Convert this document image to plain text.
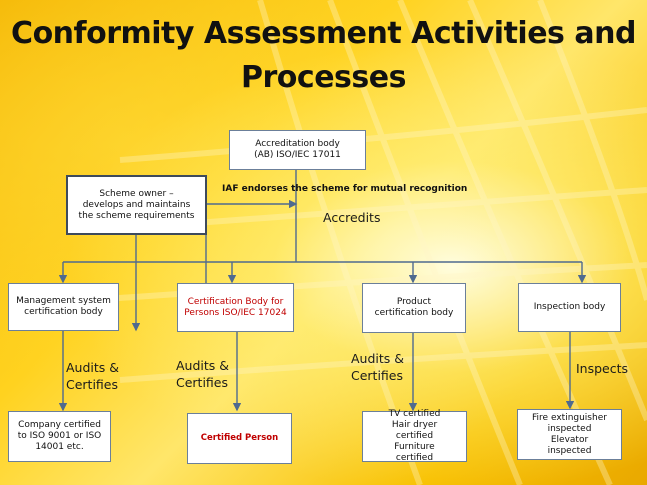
Conformity Assessment Activities and Processes
Accreditation body (AB) ISO/IEC 17011
Scheme owner – develops and maintains the scheme requirements
IAF endorses the scheme for mutual recognition
Accredits
Management system certification body
Certification Body for Persons ISO/IEC 17024
Product certification body
Inspection body
Audits & Certifies
Audits & Certifies
Audits & Certifies	Inspects
Company certified to ISO 9001 or ISO 14001 etc.
Certified Person
TV certified Hair dryer certified Furniture certified
Fire extinguisher inspected Elevator inspected
